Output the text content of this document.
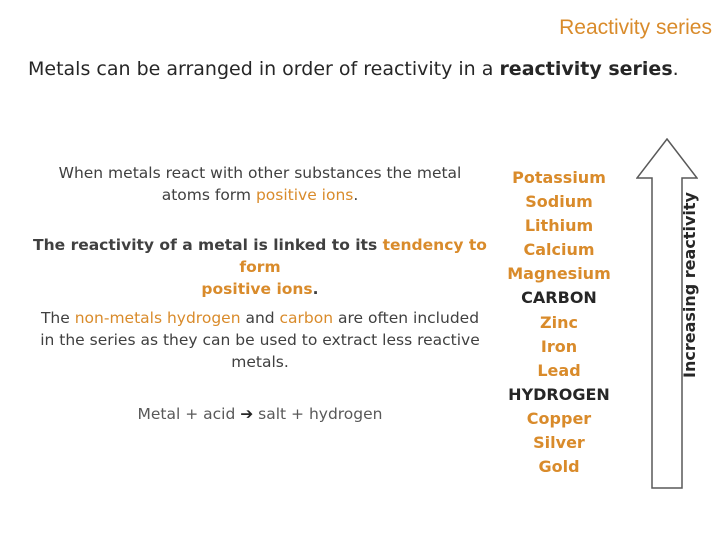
Reactivity series
Metals can be arranged in order of reactivity in a reactivity series.
When metals react with other substances the metal
atoms form positive ions.
The reactivity of a metal is linked to its tendency to form
positive ions.
The non-metals hydrogen and carbon are often included
in the series as they can be used to extract less reactive
metals.
Metal + acid ➔ salt + hydrogen
Potassium
Sodium
Lithium
Calcium
Magnesium
CARBON
Zinc
Iron
Lead
HYDROGEN
Copper
Silver
Gold
Increasing reactivity
